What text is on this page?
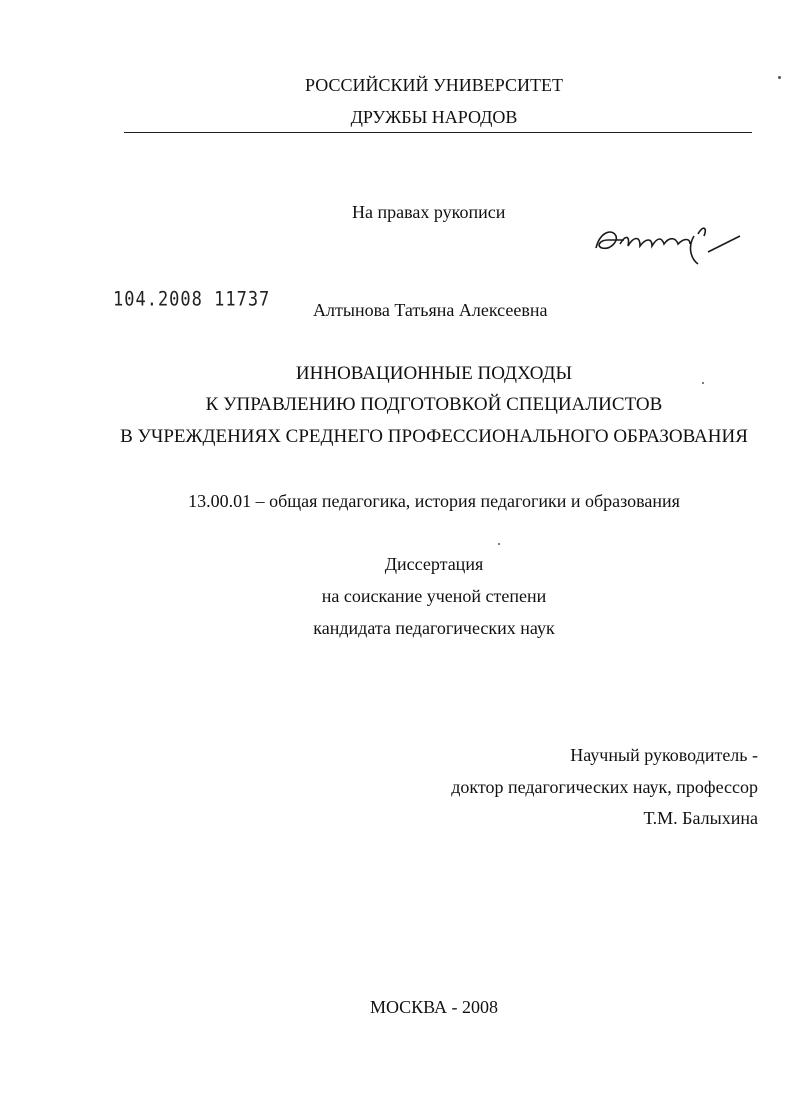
РОССИЙСКИЙ УНИВЕРСИТЕТ
ДРУЖБЫ НАРОДОВ
На правах рукописи
104.2008 11737 Алтынова Татьяна Алексеевна
ИННОВАЦИОННЫЕ ПОДХОДЫ
К УПРАВЛЕНИЮ ПОДГОТОВКОЙ СПЕЦИАЛИСТОВ
В УЧРЕЖДЕНИЯХ СРЕДНЕГО ПРОФЕССИОНАЛЬНОГО ОБРАЗОВАНИЯ
13.00.01 – общая педагогика, история педагогики и образования
Диссертация
на соискание ученой степени
кандидата педагогических наук
Научный руководитель -
доктор педагогических наук, профессор
Т.М. Балыхина
МОСКВА - 2008
